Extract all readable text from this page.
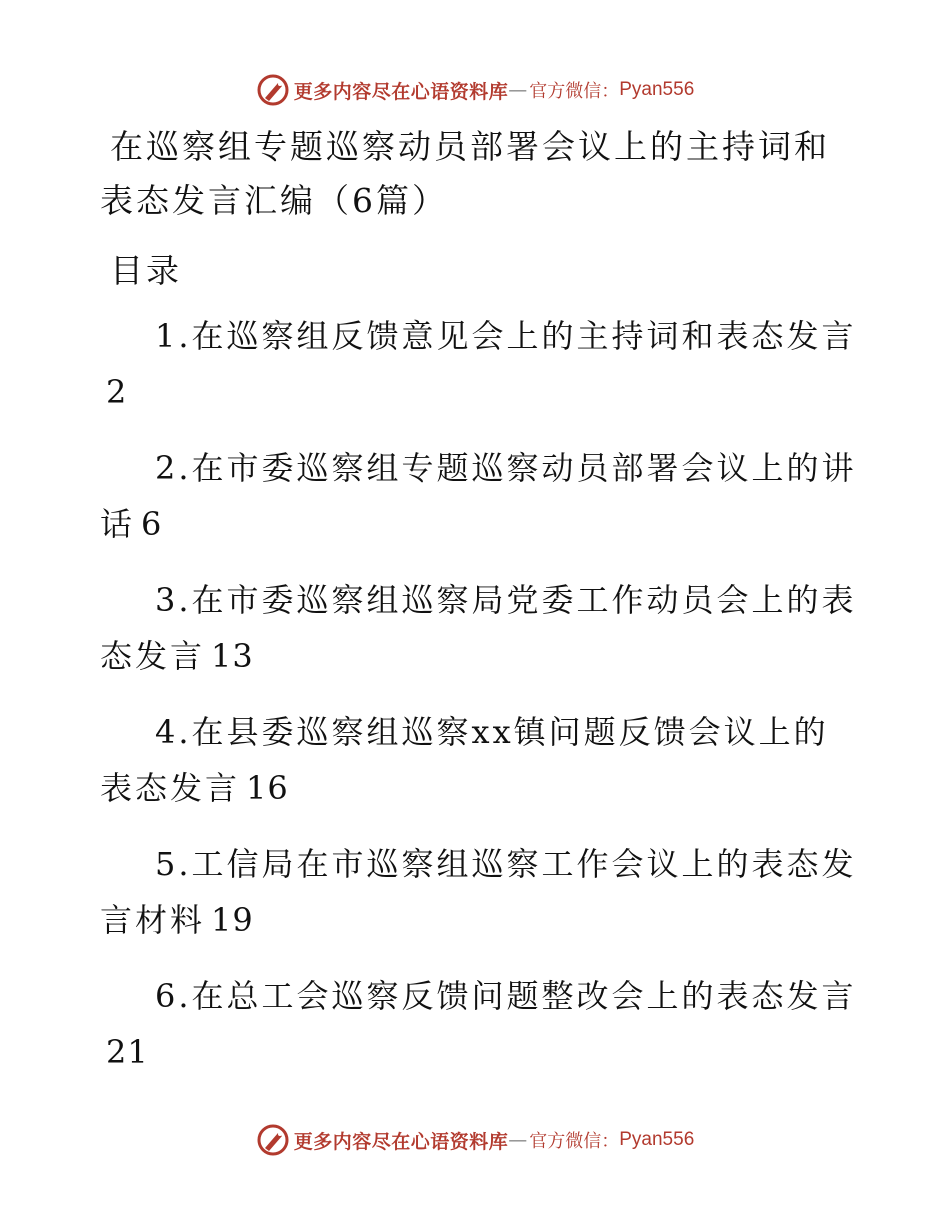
更多内容尽在心语资料库 — 官方微信： Pyan556
在巡察组专题巡察动员部署会议上的主持词和表态发言汇编（6篇）
目录
1.在巡察组反馈意见会上的主持词和表态发言2
2.在市委巡察组专题巡察动员部署会议上的讲话 6
3.在市委巡察组巡察局党委工作动员会上的表态发言 13
4.在县委巡察组巡察xx镇问题反馈会议上的表态发言 16
5.工信局在市巡察组巡察工作会议上的表态发言材料 19
6.在总工会巡察反馈问题整改会上的表态发言21
更多内容尽在心语资料库 — 官方微信： Pyan556
